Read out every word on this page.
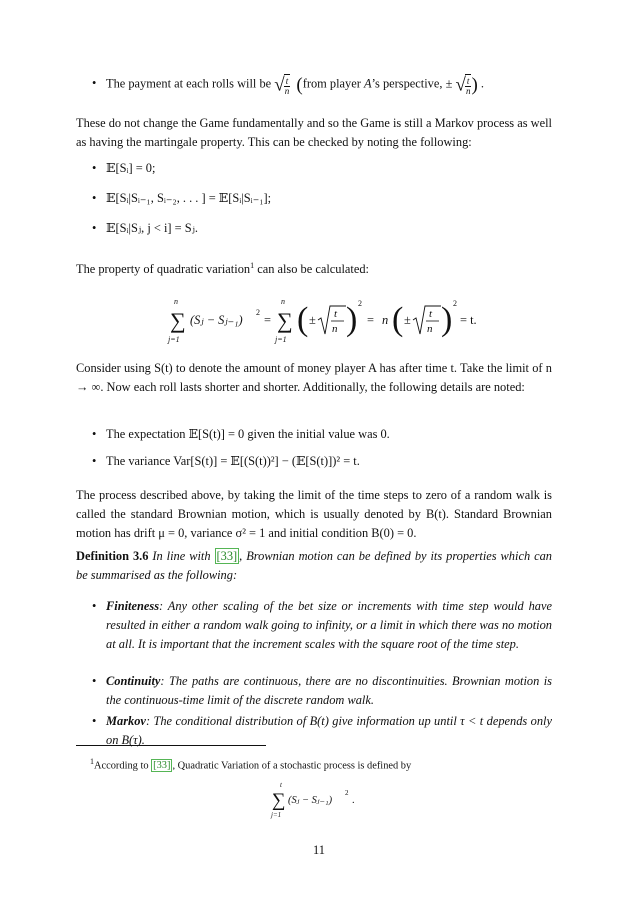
• The payment at each rolls will be √ $\frac{t}{n}$ (from player A’s perspective, ± √ $\frac{t}{n}$ ) .
These do not change the Game fundamentally and so the Game is still a Markov process as well as having the martingale property. This can be checked by noting the following:
• 𝔼[Sᵢ] = 0;
• 𝔼[Sᵢ|Sᵢ₋₁, Sᵢ₋₂, . . . ] = 𝔼[Sᵢ|Sᵢ₋₁];
• 𝔼[Sᵢ|Sⱼ, j < i] = Sⱼ.
The property of quadratic variation$^1$ can also be calculated:
n
∑
j=1
(Sⱼ − Sⱼ₋₁)
2
=
n
∑
j=1
( ± t
n ) 2
= n ( ± t
n ) 2
= t.
Consider using S(t) to denote the amount of money player A has after time t. Take the limit of n → ∞. Now each roll lasts shorter and shorter. Additionally, the following details are noted:
• The expectation 𝔼[S(t)] = 0 given the initial value was 0.
• The variance Var[S(t)] = 𝔼[(S(t))²] − (𝔼[S(t)])² = t.
The process described above, by taking the limit of the time steps to zero of a random walk is called the standard Brownian motion, which is usually denoted by B(t). Standard Brownian motion has drift μ = 0, variance σ² = 1 and initial condition B(0) = 0.
Definition 3.6 In line with [33] , Brownian motion can be defined by its properties which can be summarised as the following:
• Finiteness: Any other scaling of the bet size or increments with time step would have resulted in either a random walk going to infinity, or a limit in which there was no motion at all. It is important that the increment scales with the square root of the time step.
• Continuity: The paths are continuous, there are no discontinuities. Brownian motion is the continuous-time limit of the discrete random walk.
• Markov: The conditional distribution of B(t) give information up until τ < t depends only on B(τ).
$^1$According to [33] , Quadratic Variation of a stochastic process is defined by
t
∑
j=1
(Sⱼ − Sⱼ₋₁)
2
.
11
